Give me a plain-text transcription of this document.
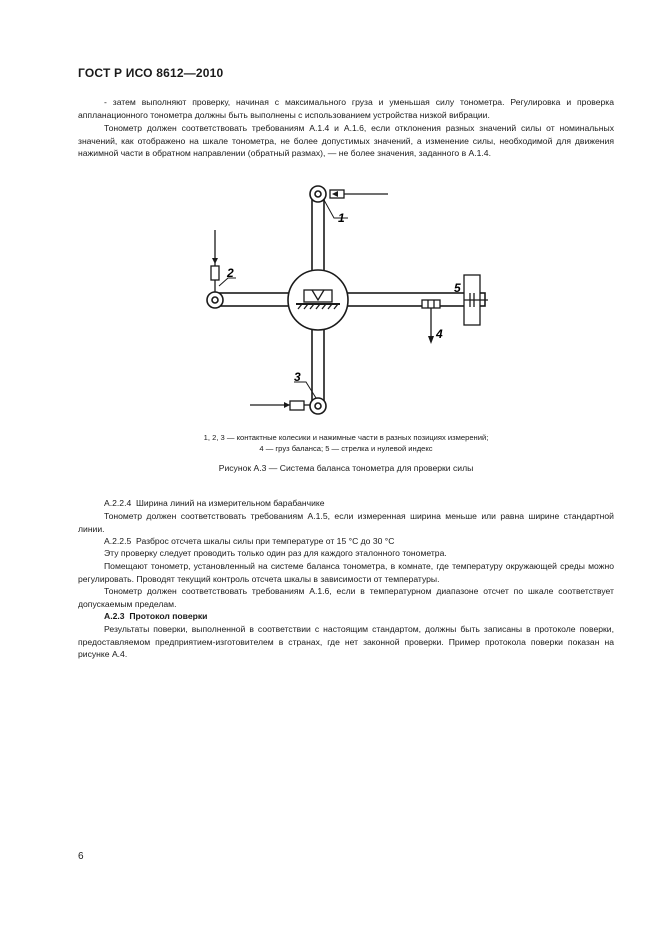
ГОСТ Р ИСО 8612—2010

- затем выполняют проверку, начиная с максимального груза и уменьшая силу тонометра. Регулировка и проверка аппланационного тонометра должны быть выполнены с использованием устройства низкой вибрации.

Тонометр должен соответствовать требованиям А.1.4 и А.1.6, если отклонения разных значений силы от номинальных значений, как отображено на шкале тонометра, не более допустимых значений, а изменение силы, необходимой для движения нажимной части в обратном направлении (обратный размах), — не более значения, заданного в А.1.4.

1
2
3
4
5
1, 2, 3 — контактные колесики и нажимные части в разных позициях измерений;
4 — груз баланса; 5 — стрелка и нулевой индекс
Рисунок А.3 — Система баланса тонометра для проверки силы

А.2.2.4 Ширина линий на измерительном барабанчике

Тонометр должен соответствовать требованиям А.1.5, если измеренная ширина меньше или равна ширине стандартной линии.

А.2.2.5 Разброс отсчета шкалы силы при температуре от 15 °С до 30 °С

Эту проверку следует проводить только один раз для каждого эталонного тонометра.

Помещают тонометр, установленный на системе баланса тонометра, в комнате, где температуру окружающей среды можно регулировать. Проводят текущий контроль отсчета шкалы в зависимости от температуры.

Тонометр должен соответствовать требованиям А.1.6, если в температурном диапазоне отсчет по шкале соответствует допускаемым пределам.

А.2.3 Протокол поверки

Результаты поверки, выполненной в соответствии с настоящим стандартом, должны быть записаны в протоколе поверки, предоставляемом предприятием-изготовителем в странах, где нет законной проверки. Пример протокола поверки показан на рисунке А.4.

6
